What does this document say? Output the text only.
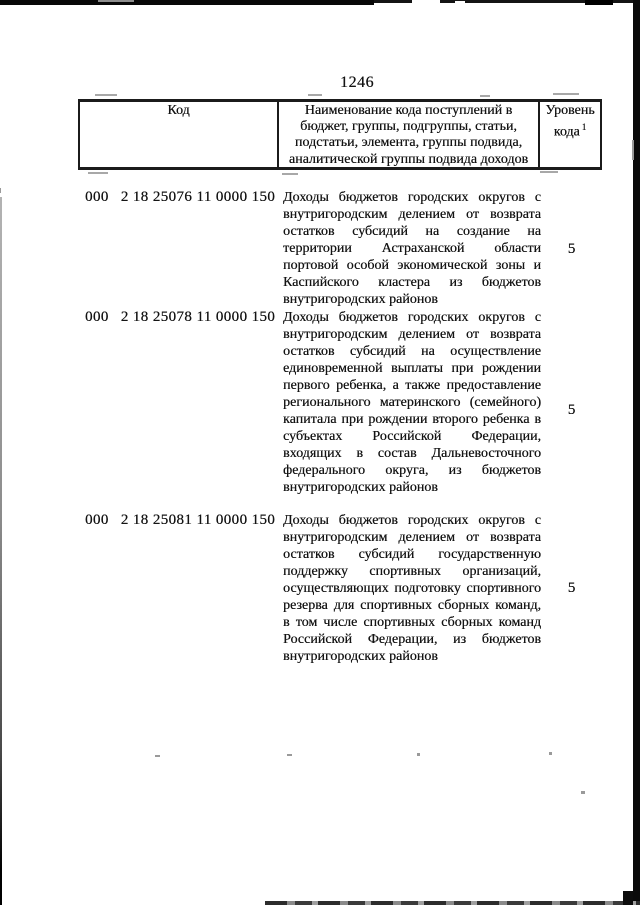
1246
Код	Наименование кода поступлений в бюджет, группы, подгруппы, статьи, подстатьи, элемента, группы подвида, аналитической группы подвида доходов
Уровень
кода $^1$
000 2 18 25076 11 0000 150 Доходы бюджетов городских округов с внутригородским делением от возврата остатков субсидий на создание на территории Астраханской области портовой особой экономической зоны и Каспийского кластера из бюджетов внутригородских районов
5
000 2 18 25078 11 0000 150 Доходы бюджетов городских округов с внутригородским делением от возврата остатков субсидий на осуществление единовременной выплаты при рождении первого ребенка, а также предоставление регионального материнского (семейного) капитала при рождении второго ребенка в субъектах Российской Федерации, входящих в состав Дальневосточного федерального округа, из бюджетов внутригородских районов
5
000 2 18 25081 11 0000 150 Доходы бюджетов городских округов с внутригородским делением от возврата остатков субсидий государственную поддержку спортивных организаций, осуществляющих подготовку спортивного резерва для спортивных сборных команд, в том числе спортивных сборных команд Российской Федерации, из бюджетов внутригородских районов
5
